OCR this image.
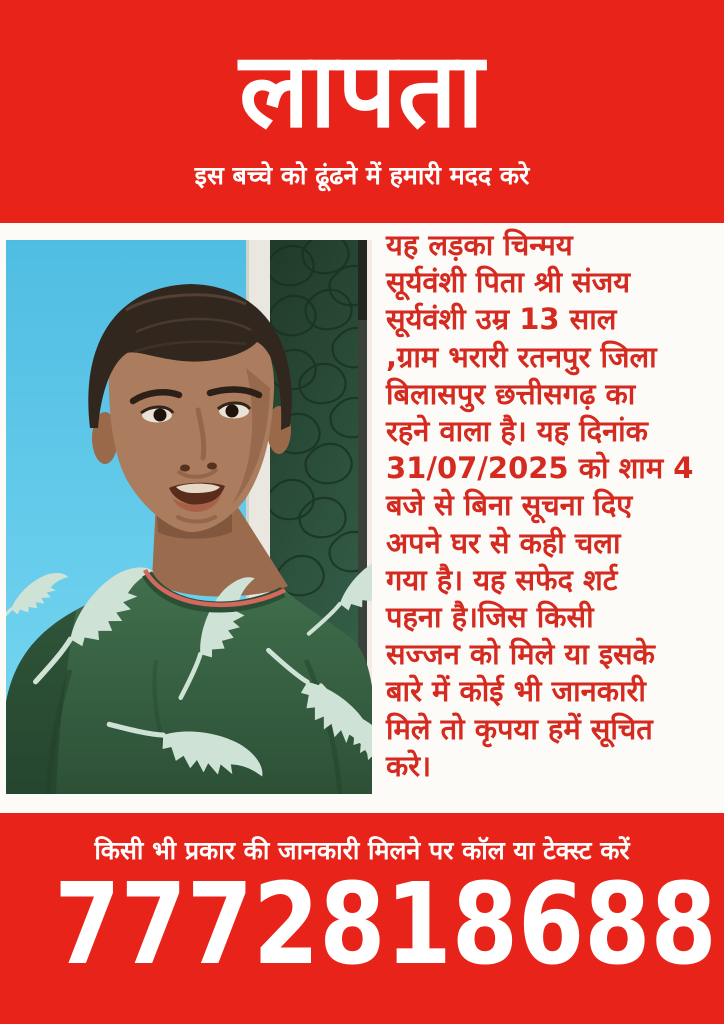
लापता
इस बच्चे को ढूंढने में हमारी मदद करे
यह लड़का चिन्मय
सूर्यवंशी पिता श्री संजय
सूर्यवंशी उम्र 13 साल
,ग्राम भरारी रतनपुर जिला
बिलासपुर छत्तीसगढ़ का
रहने वाला है। यह दिनांक
31/07/2025 को शाम 4
बजे से बिना सूचना दिए
अपने घर से कही चला
गया है। यह सफेद शर्ट
पहना है।जिस किसी
सज्जन को मिले या इसके
बारे में कोई भी जानकारी
मिले तो कृपया हमें सूचित
करे।
किसी भी प्रकार की जानकारी मिलने पर कॉल या टेक्स्ट करें
7772818688
